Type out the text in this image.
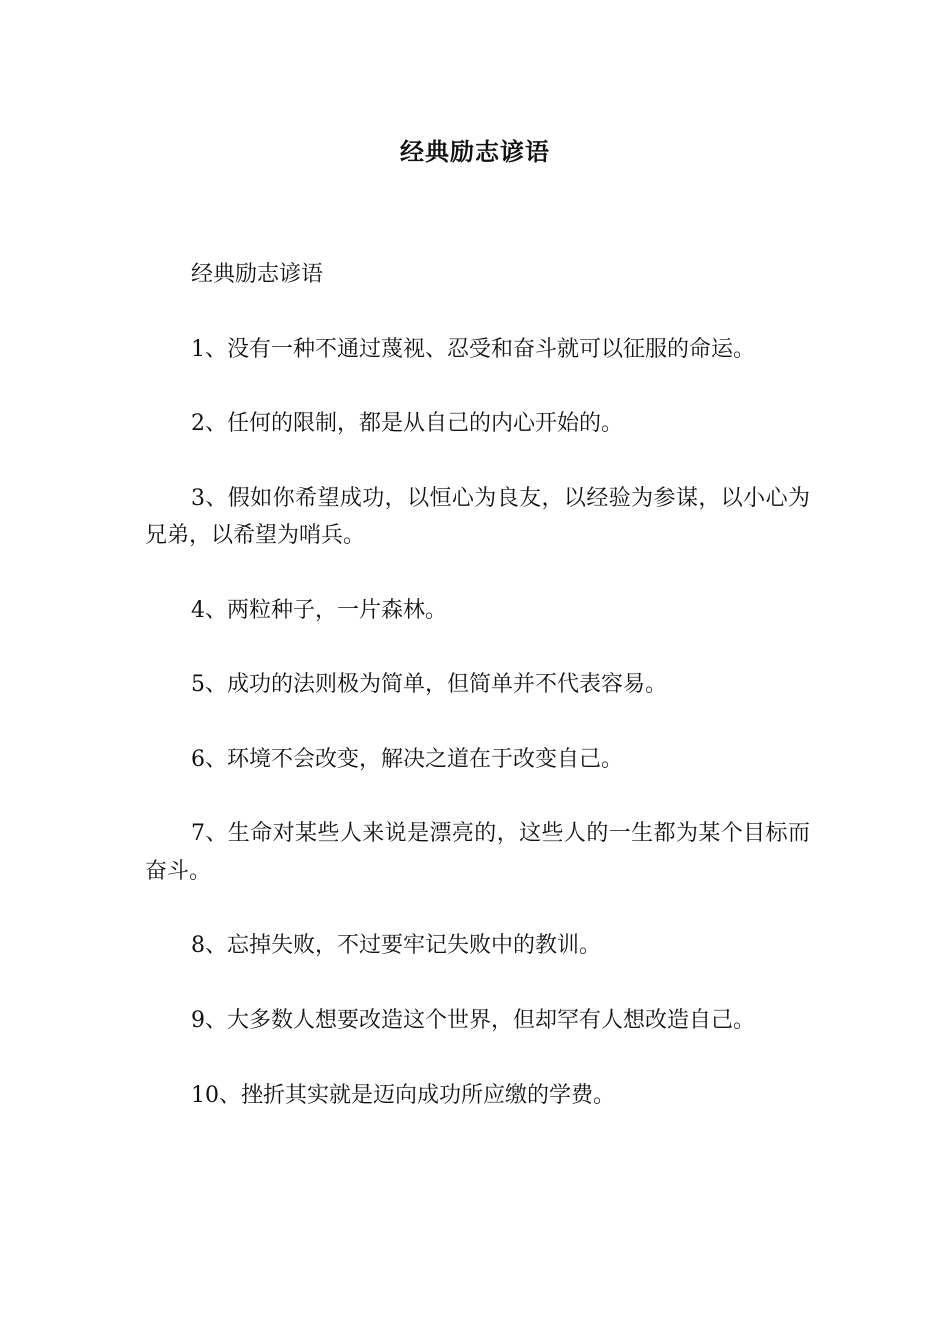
经典励志谚语

经典励志谚语

1、没有一种不通过蔑视、忍受和奋斗就可以征服的命运。

2、任何的限制，都是从自己的内心开始的。

3、假如你希望成功，以恒心为良友，以经验为参谋，以小心为兄弟，以希望为哨兵。

4、两粒种子，一片森林。

5、成功的法则极为简单，但简单并不代表容易。

6、环境不会改变，解决之道在于改变自己。

7、生命对某些人来说是漂亮的，这些人的一生都为某个目标而奋斗。

8、忘掉失败，不过要牢记失败中的教训。

9、大多数人想要改造这个世界，但却罕有人想改造自己。

10、挫折其实就是迈向成功所应缴的学费。
